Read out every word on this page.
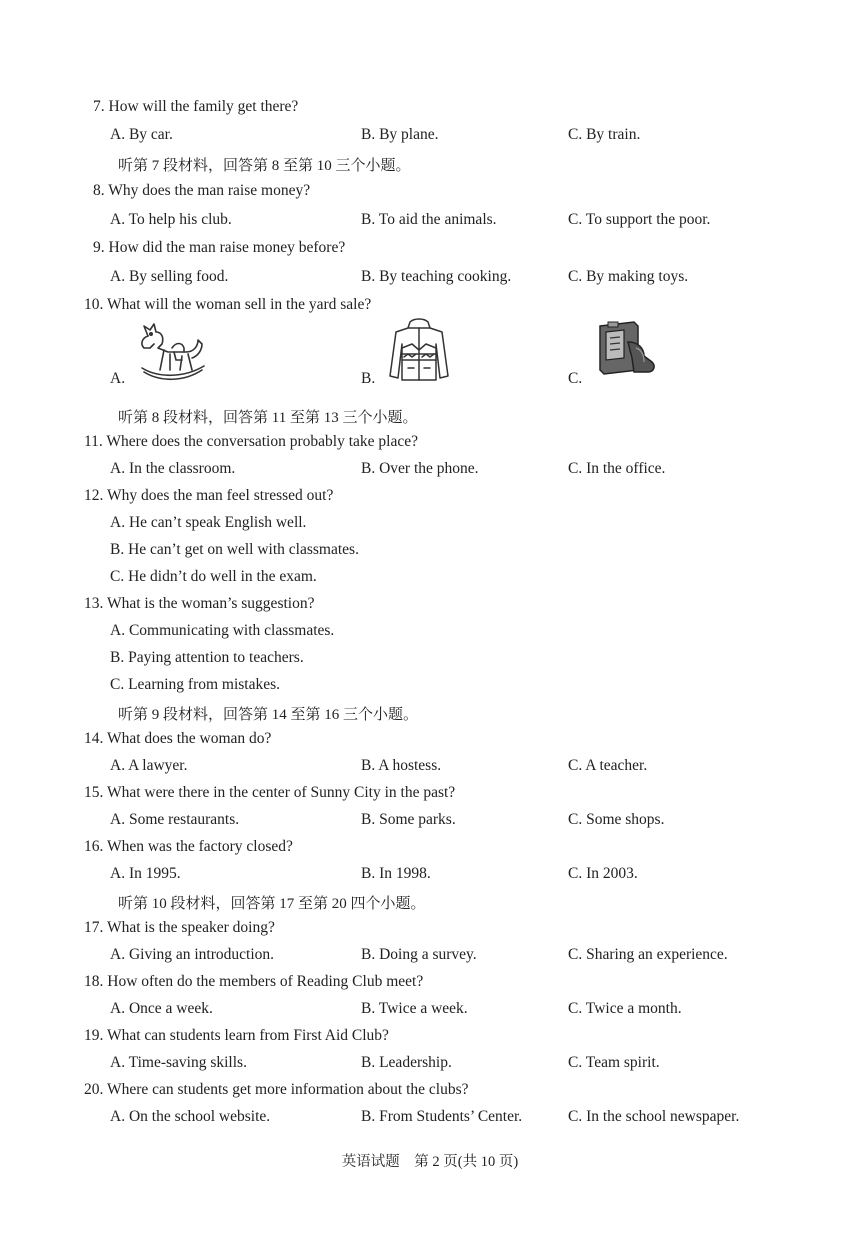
7. How will the family get there?
A. By car.	B. By plane.	C. By train.
听第 7 段材料，回答第 8 至第 10 三个小题。
8. Why does the man raise money?
A. To help his club.	B. To aid the animals.	C. To support the poor.
9. How did the man raise money before?
A. By selling food.	B. By teaching cooking.	C. By making toys.
10. What will the woman sell in the yard sale?
A.	B.	C.
听第 8 段材料，回答第 11 至第 13 三个小题。
11. Where does the conversation probably take place?
A. In the classroom.	B. Over the phone.	C. In the office.
12. Why does the man feel stressed out?
A. He can’t speak English well.
B. He can’t get on well with classmates.
C. He didn’t do well in the exam.
13. What is the woman’s suggestion?
A. Communicating with classmates.
B. Paying attention to teachers.
C. Learning from mistakes.
听第 9 段材料，回答第 14 至第 16 三个小题。
14. What does the woman do?
A. A lawyer.	B. A hostess.	C. A teacher.
15. What were there in the center of Sunny City in the past?
A. Some restaurants.	B. Some parks.	C. Some shops.
16. When was the factory closed?
A. In 1995.	B. In 1998.	C. In 2003.
听第 10 段材料，回答第 17 至第 20 四个小题。
17. What is the speaker doing?
A. Giving an introduction.	B. Doing a survey.	C. Sharing an experience.
18. How often do the members of Reading Club meet?
A. Once a week.	B. Twice a week.	C. Twice a month.
19. What can students learn from First Aid Club?
A. Time-saving skills.	B. Leadership.	C. Team spirit.
20. Where can students get more information about the clubs?
A. On the school website.	B. From Students’ Center.	C. In the school newspaper.
英语试题　第 2 页(共 10 页)
